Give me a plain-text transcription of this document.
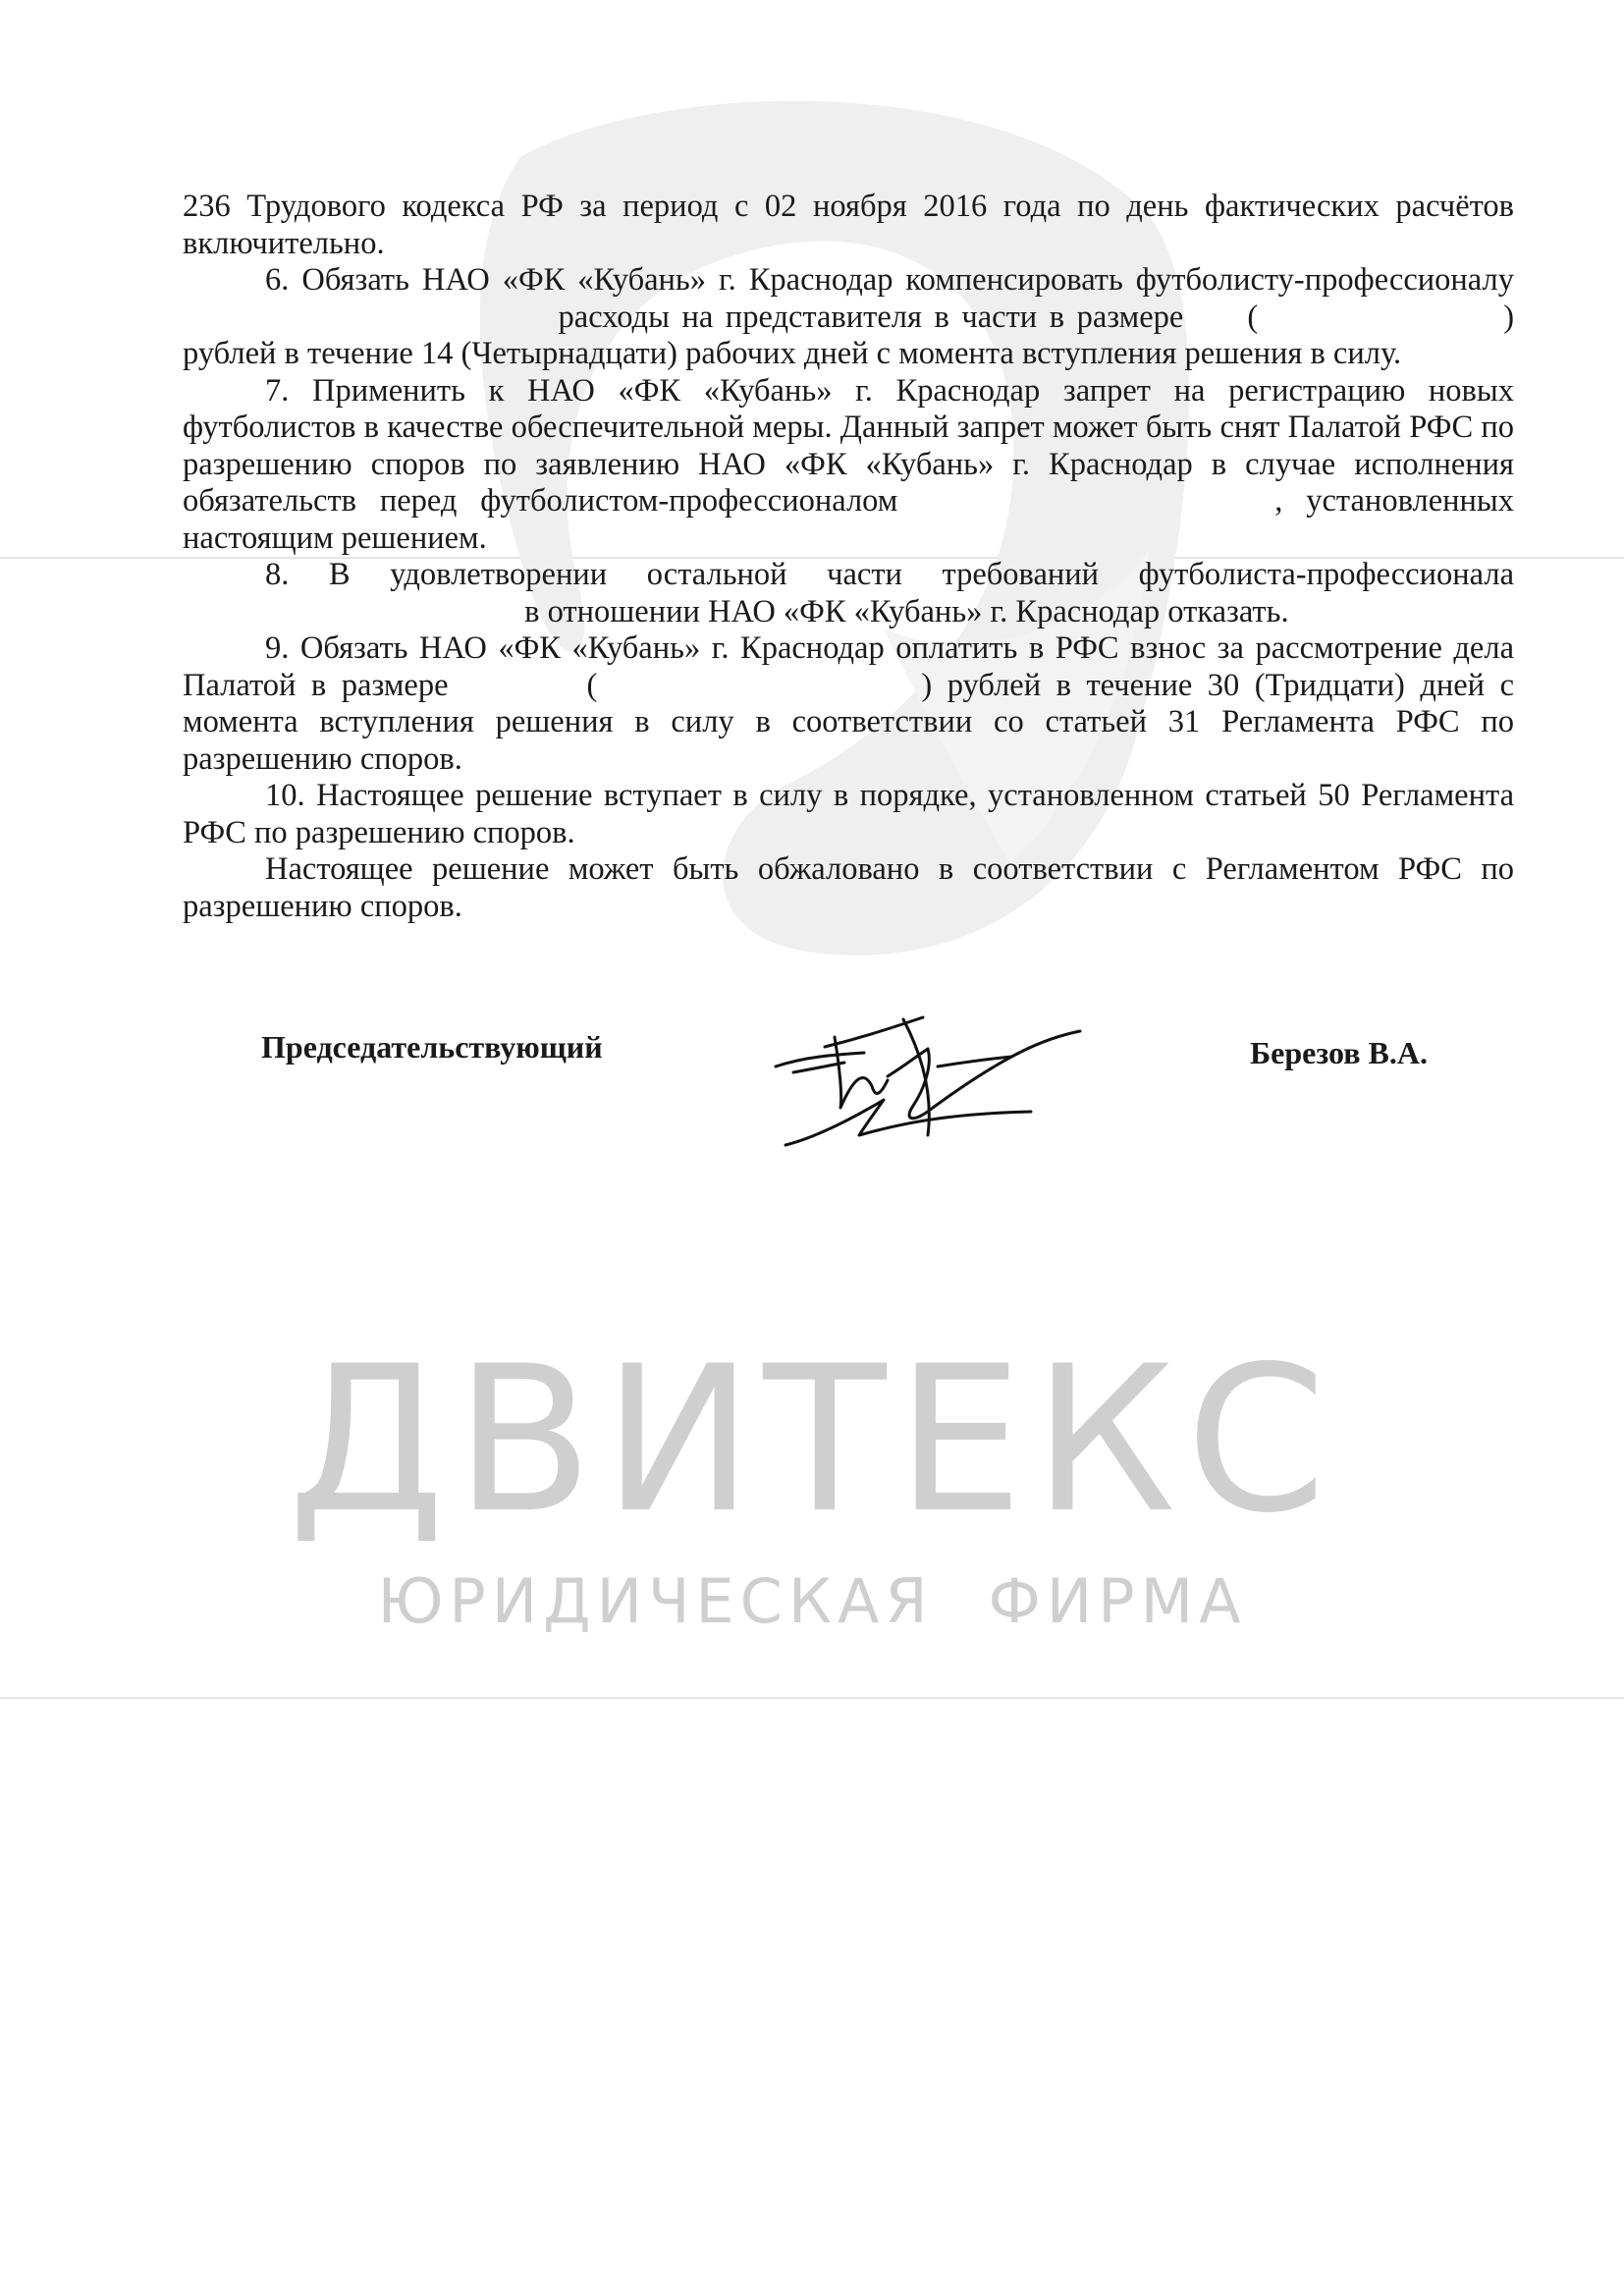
ДВИТЕКС
ЮРИДИЧЕСКАЯ ФИРМА

236 Трудового кодекса РФ за период с 02 ноября 2016 года по день фактических расчётов включительно.

6. Обязать НАО «ФК «Кубань» г. Краснодар компенсировать футболисту-профессионалу  расходы на представителя в части в размере (	) рублей в течение 14 (Четырнадцати) рабочих дней с момента вступления решения в силу.

7. Применить к НАО «ФК «Кубань» г. Краснодар запрет на регистрацию новых футболистов в качестве обеспечительной меры. Данный запрет может быть снят Палатой РФС по разрешению споров по заявлению НАО «ФК «Кубань» г. Краснодар в случае исполнения обязательств перед футболистом-профессионалом	, установленных настоящим решением.

8. В удовлетворении остальной части требований футболиста-профессионала  в отношении НАО «ФК «Кубань» г. Краснодар отказать.

9. Обязать НАО «ФК «Кубань» г. Краснодар оплатить в РФС взнос за рассмотрение дела Палатой в размере	(	) рублей в течение 30 (Тридцати) дней с момента вступления решения в силу в соответствии со статьей 31 Регламента РФС по разрешению споров.

10. Настоящее решение вступает в силу в порядке, установленном статьей 50 Регламента РФС по разрешению споров.

Настоящее решение может быть обжаловано в соответствии с Регламентом РФС по разрешению споров.

Председательствующий	Березов В.А.
